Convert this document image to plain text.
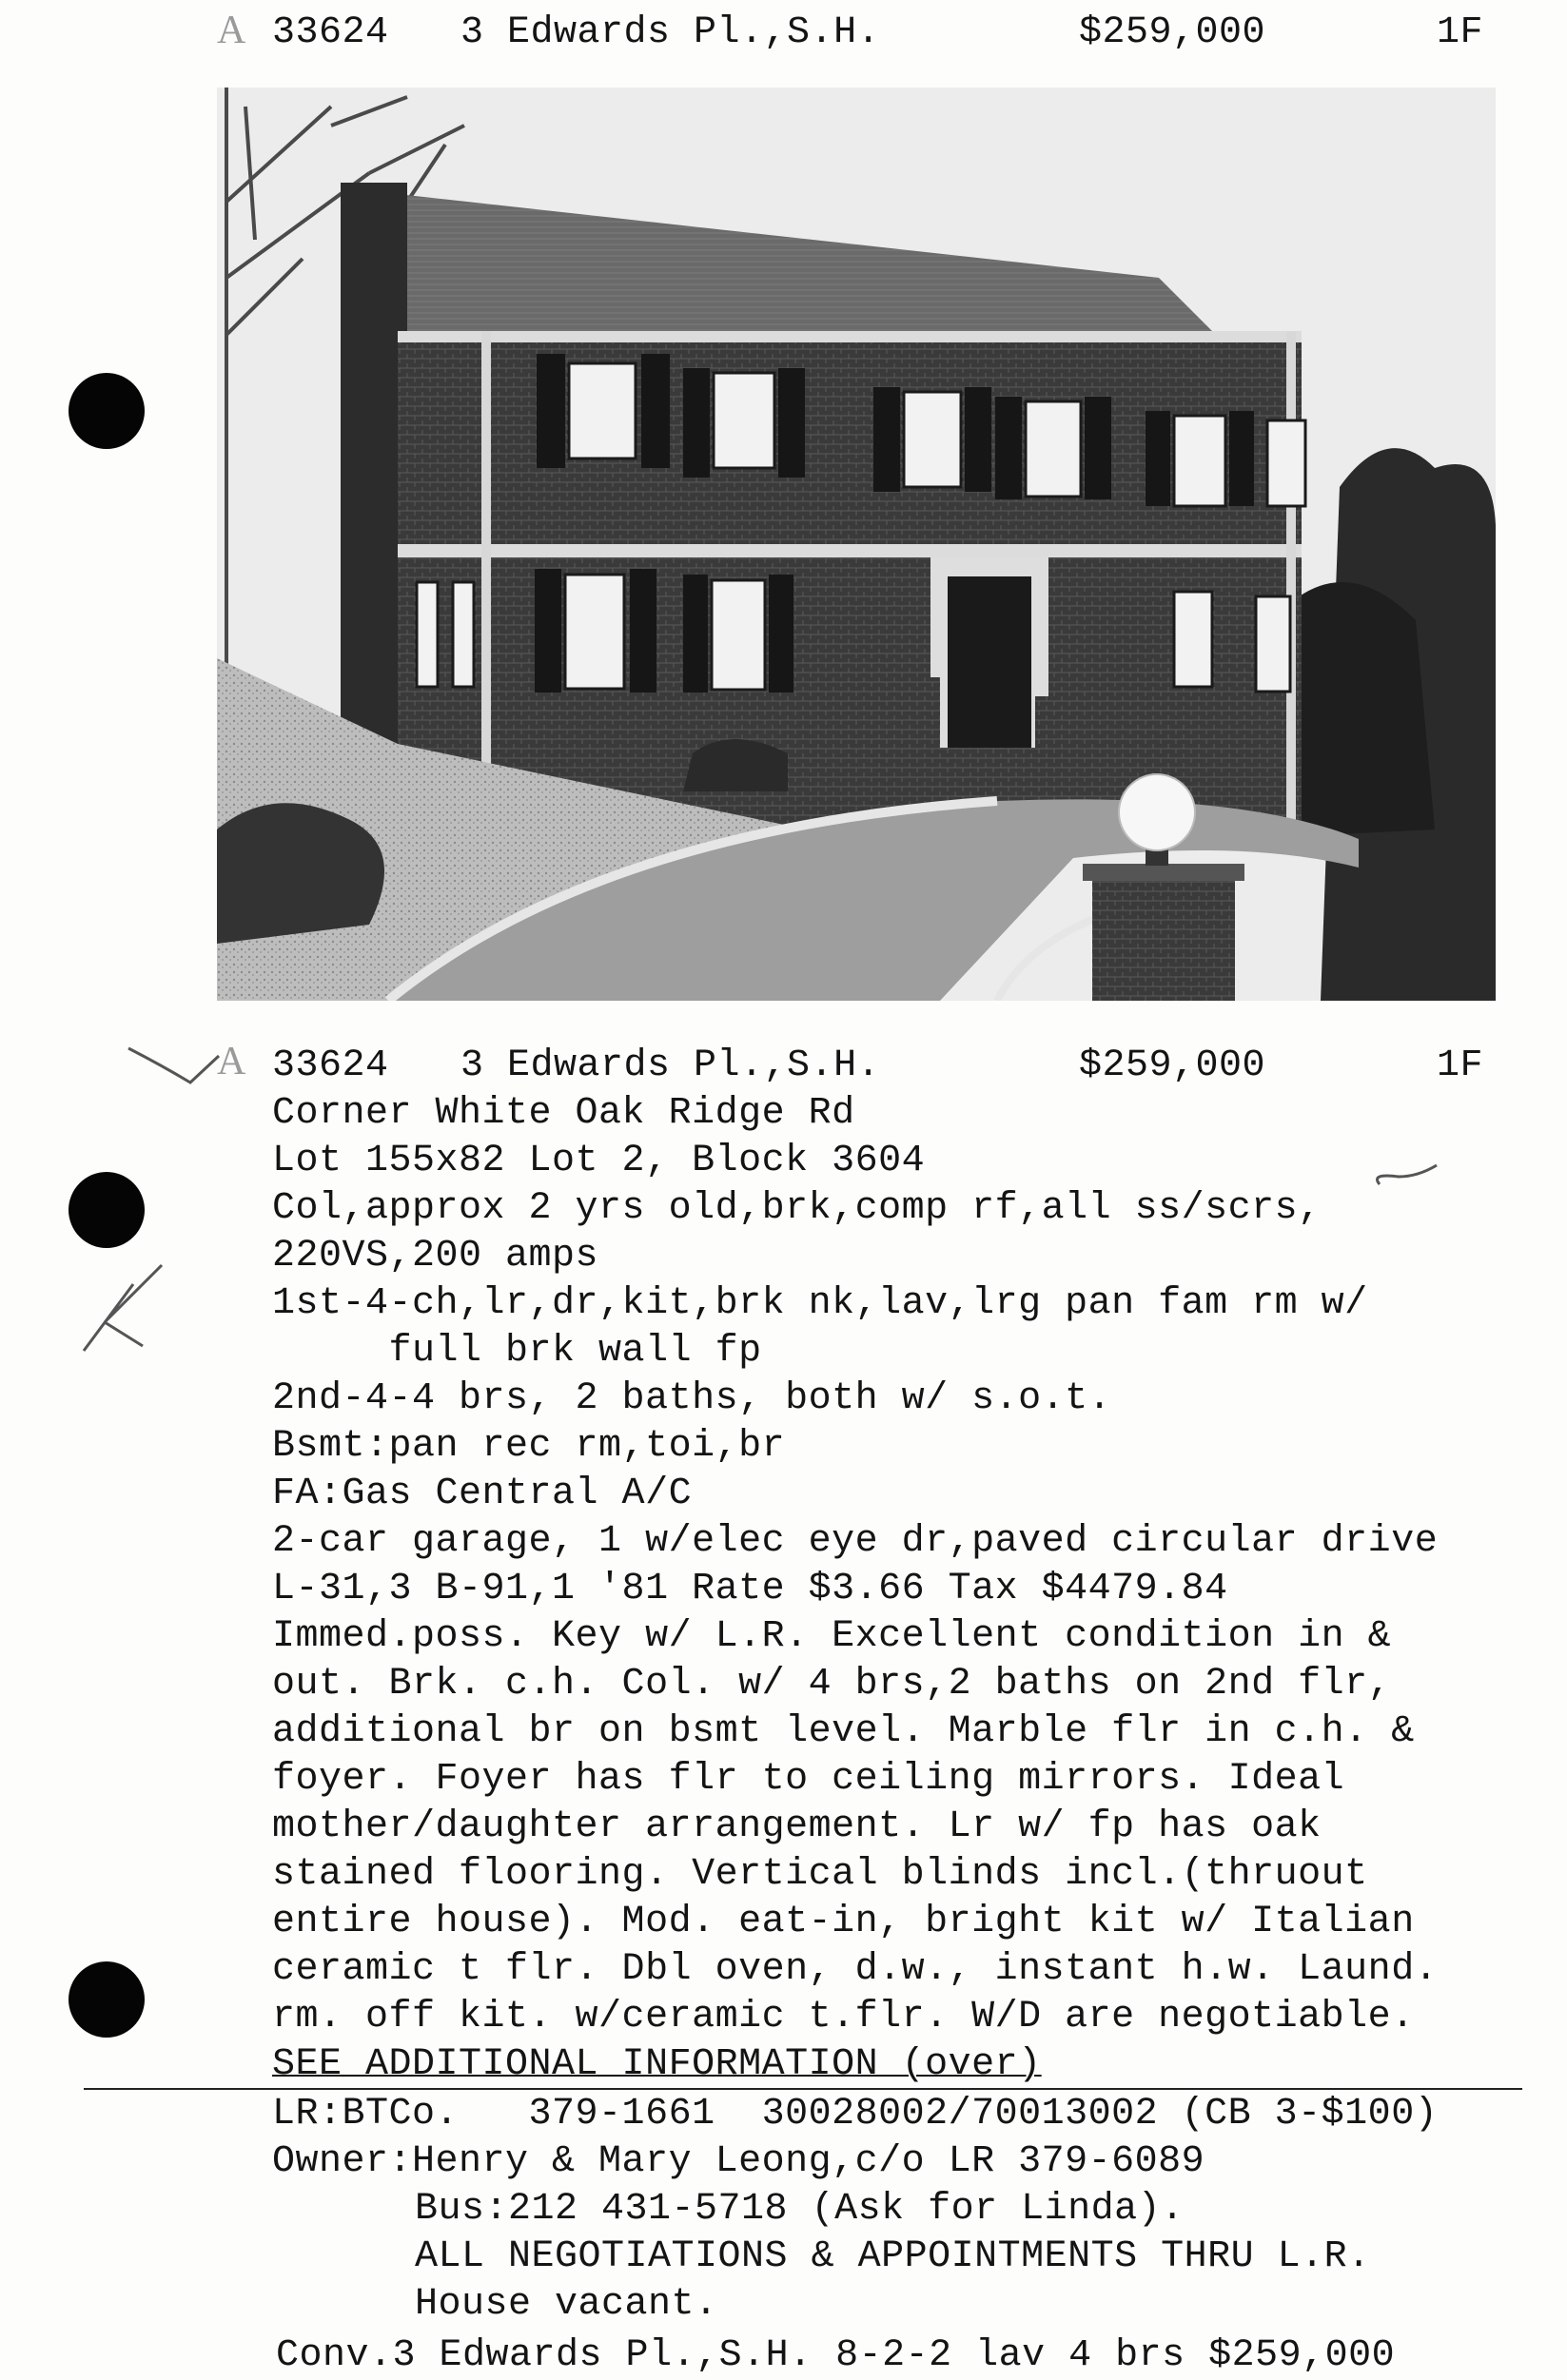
A 33624 3 Edwards Pl.,S.H.	$259,000	1F
A 33624 3 Edwards Pl.,S.H.	$259,000	1F
Corner White Oak Ridge Rd
Lot 155x82 Lot 2, Block 3604
Col,approx 2 yrs old,brk,comp rf,all ss/scrs,
220VS,200 amps
1st-4-ch,lr,dr,kit,brk nk,lav,lrg pan fam rm w/
full brk wall fp
2nd-4-4 brs, 2 baths, both w/ s.o.t.
Bsmt:pan rec rm,toi,br
FA:Gas Central A/C
2-car garage, 1 w/elec eye dr,paved circular drive
L-31,3 B-91,1 '81 Rate $3.66 Tax $4479.84
Immed.poss. Key w/ L.R. Excellent condition in &
out. Brk. c.h. Col. w/ 4 brs,2 baths on 2nd flr,
additional br on bsmt level. Marble flr in c.h. &
foyer. Foyer has flr to ceiling mirrors. Ideal
mother/daughter arrangement. Lr w/ fp has oak
stained flooring. Vertical blinds incl.(thruout
entire house). Mod. eat-in, bright kit w/ Italian
ceramic t flr. Dbl oven, d.w., instant h.w. Laund.
rm. off kit. w/ceramic t.flr. W/D are negotiable.
SEE ADDITIONAL INFORMATION (over)
LR:BTCo.   379-1661  30028002/70013002 (CB 3-$100)
Owner:Henry & Mary Leong,c/o LR 379-6089
Bus:212 431-5718 (Ask for Linda).
ALL NEGOTIATIONS & APPOINTMENTS THRU L.R.
House vacant.
Conv.3 Edwards Pl.,S.H. 8-2-2 lav 4 brs $259,000
